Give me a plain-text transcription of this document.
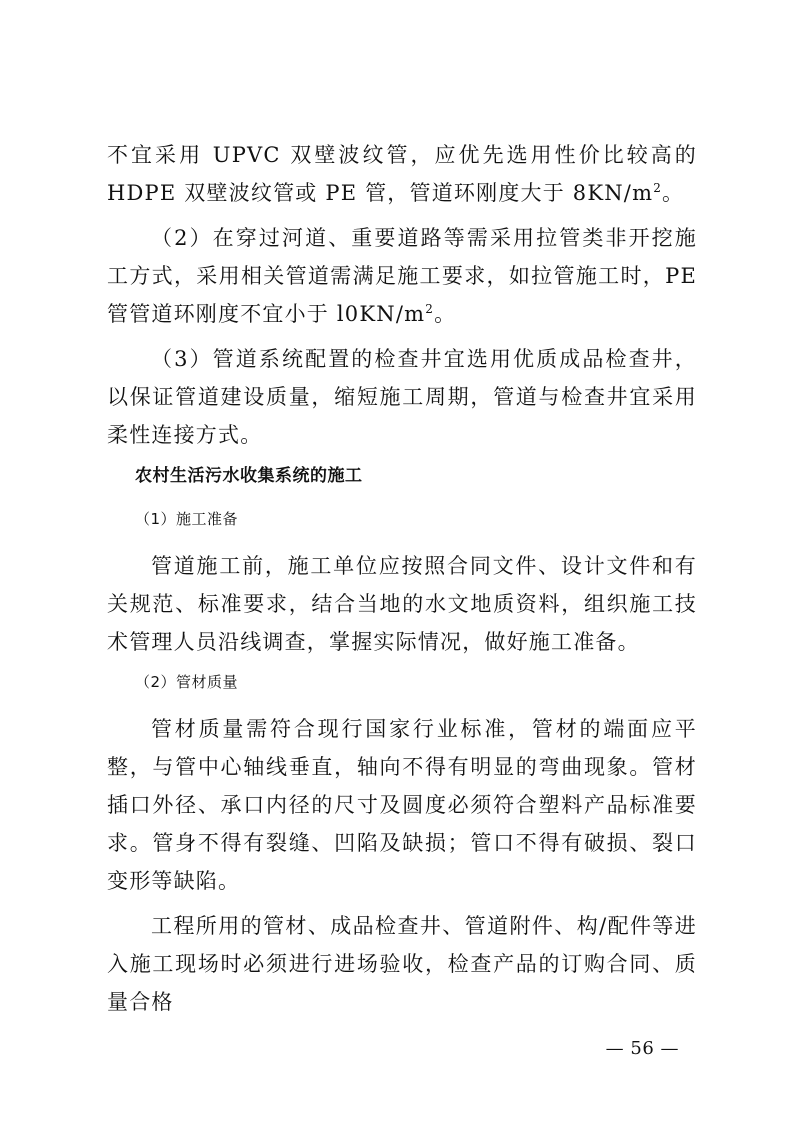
不宜采用 UPVC 双壁波纹管，应优先选用性价比较高的 HDPE 双壁波纹管或 PE 管，管道环刚度大于 $8KN/m^2$。

（2）在穿过河道、重要道路等需采用拉管类非开挖施工方式，采用相关管道需满足施工要求，如拉管施工时，PE 管管道环刚度不宜小于 $l0KN/m^2$。

（3）管道系统配置的检查井宜选用优质成品检查井，以保证管道建设质量，缩短施工周期，管道与检查井宜采用柔性连接方式。

农村生活污水收集系统的施工
（1）施工准备

管道施工前，施工单位应按照合同文件、设计文件和有关规范、标准要求，结合当地的水文地质资料，组织施工技术管理人员沿线调查，掌握实际情况，做好施工准备。

（2）管材质量

管材质量需符合现行国家行业标准，管材的端面应平整，与管中心轴线垂直，轴向不得有明显的弯曲现象。管材插口外径、承口内径的尺寸及圆度必须符合塑料产品标准要求。管身不得有裂缝、凹陷及缺损；管口不得有破损、裂口变形等缺陷。

工程所用的管材、成品检查井、管道附件、构/配件等进入施工现场时必须进行进场验收，检查产品的订购合同、质量合格

— 56 —
